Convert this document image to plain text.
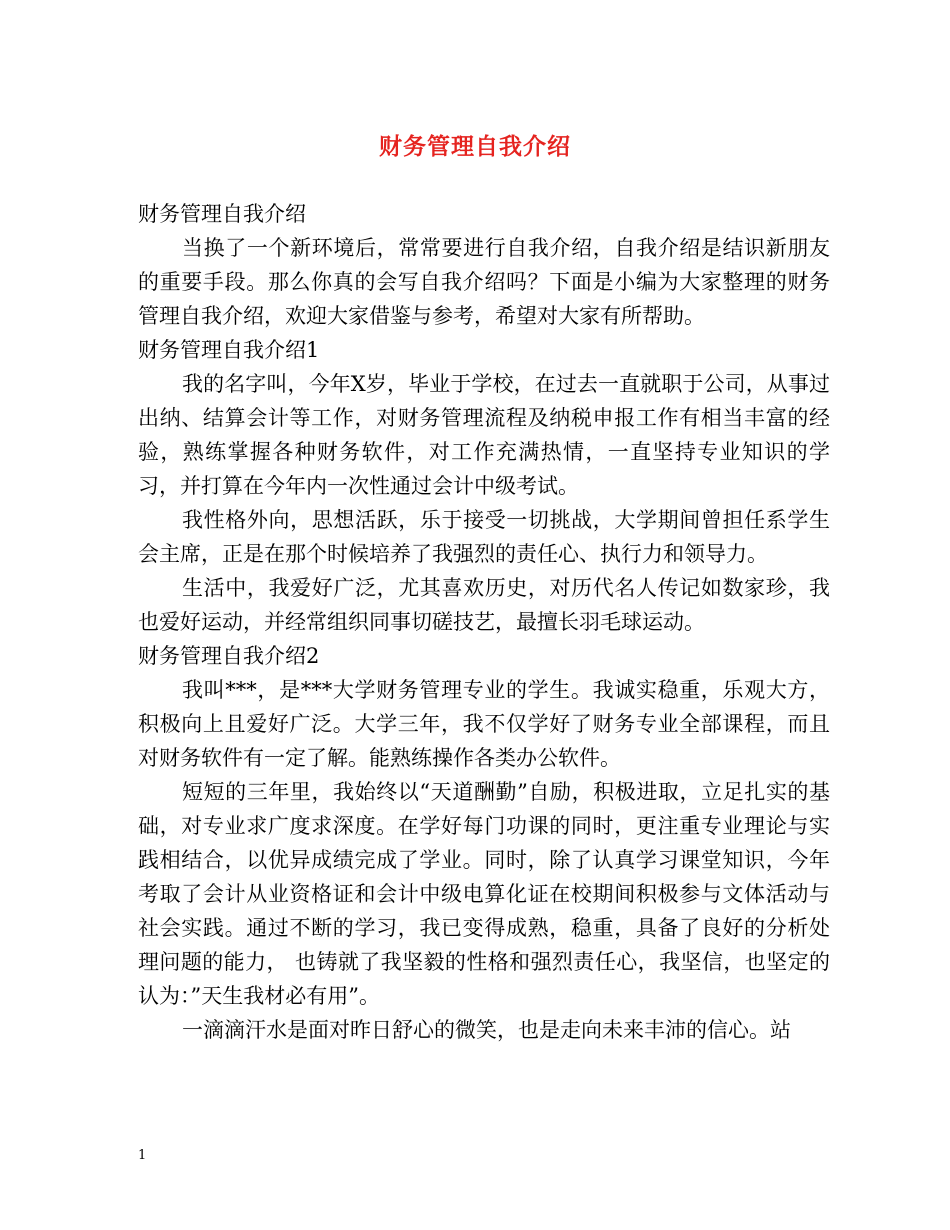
财务管理自我介绍

财务管理自我介绍

当换了一个新环境后，常常要进行自我介绍，自我介绍是结识新朋友的重要手段。那么你真的会写自我介绍吗？下面是小编为大家整理的财务管理自我介绍，欢迎大家借鉴与参考，希望对大家有所帮助。

财务管理自我介绍1

我的名字叫，今年X岁，毕业于学校，在过去一直就职于公司，从事过出纳、结算会计等工作，对财务管理流程及纳税申报工作有相当丰富的经验，熟练掌握各种财务软件，对工作充满热情，一直坚持专业知识的学习，并打算在今年内一次性通过会计中级考试。

我性格外向，思想活跃，乐于接受一切挑战，大学期间曾担任系学生会主席，正是在那个时候培养了我强烈的责任心、执行力和领导力。

生活中，我爱好广泛，尤其喜欢历史，对历代名人传记如数家珍，我也爱好运动，并经常组织同事切磋技艺，最擅长羽毛球运动。

财务管理自我介绍2

我叫***，是***大学财务管理专业的学生。我诚实稳重，乐观大方，积极向上且爱好广泛。大学三年，我不仅学好了财务专业全部课程，而且对财务软件有一定了解。能熟练操作各类办公软件。

短短的三年里，我始终以“天道酬勤”自励，积极进取，立足扎实的基础，对专业求广度求深度。在学好每门功课的同时，更注重专业理论与实践相结合，以优异成绩完成了学业。同时，除了认真学习课堂知识，今年考取了会计从业资格证和会计中级电算化证在校期间积极参与文体活动与社会实践。通过不断的学习，我已变得成熟，稳重，具备了良好的分析处理问题的能力， 也铸就了我坚毅的性格和强烈责任心，我坚信，也坚定的认为：”天生我材必有用”。

一滴滴汗水是面对昨日舒心的微笑，也是走向未来丰沛的信心。站

1
